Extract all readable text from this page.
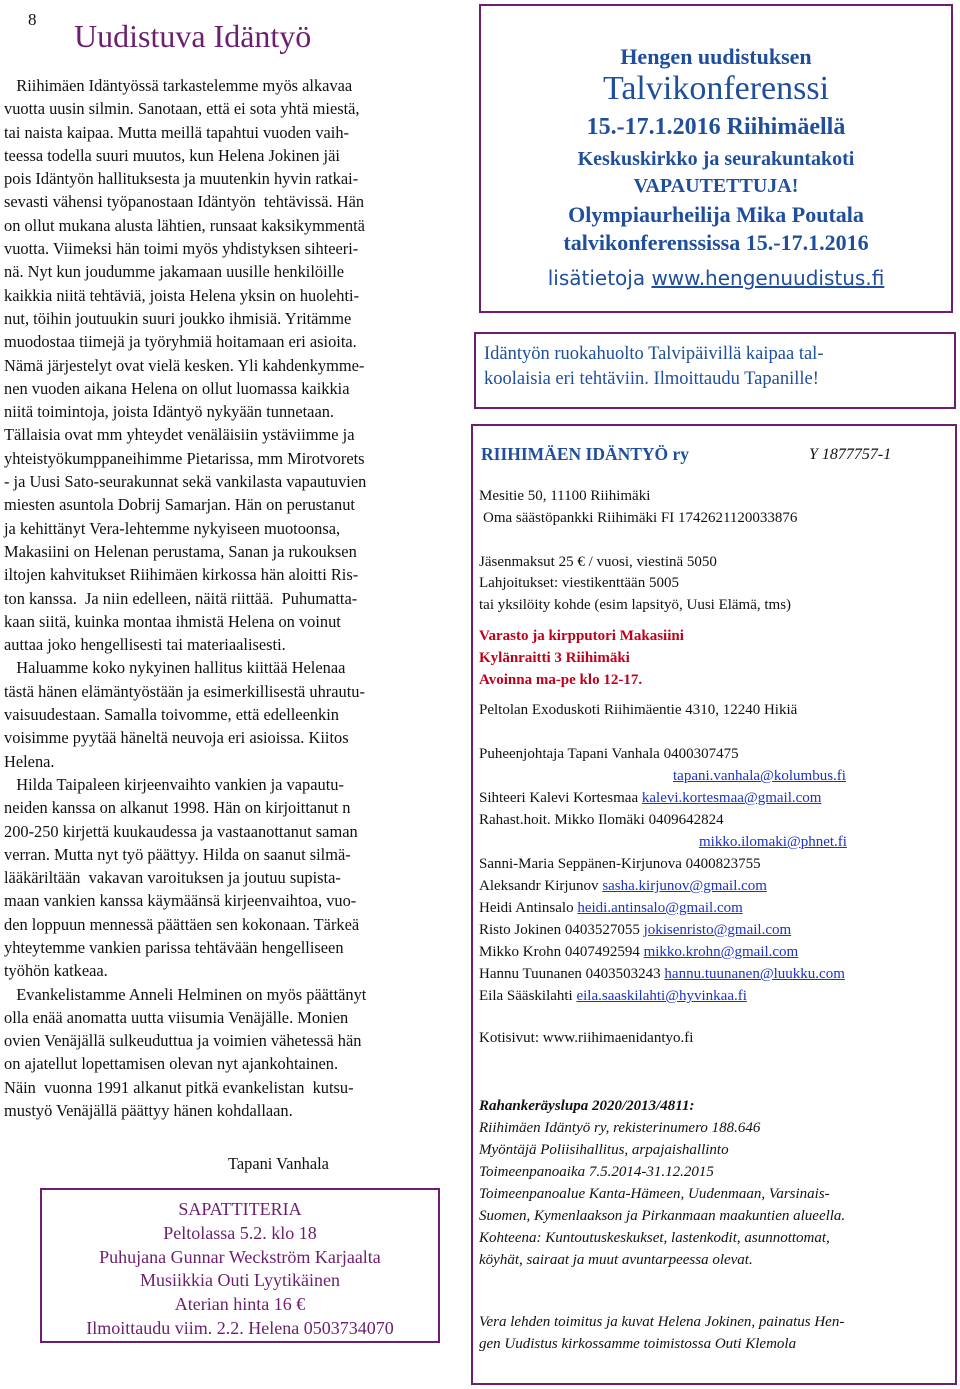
8 Uudistuva Idäntyö
Riihimäen Idäntyössä tarkastelemme myös alkavaa
vuotta uusin silmin. Sanotaan, että ei sota yhtä miestä,
tai naista kaipaa. Mutta meillä tapahtui vuoden vaih-
teessa todella suuri muutos, kun Helena Jokinen jäi
pois Idäntyön hallituksesta ja muutenkin hyvin ratkai-
sevasti vähensi työpanostaan Idäntyön  tehtävissä. Hän
on ollut mukana alusta lähtien, runsaat kaksikymmentä
vuotta. Viimeksi hän toimi myös yhdistyksen sihteeri-
nä. Nyt kun joudumme jakamaan uusille henkilöille
kaikkia niitä tehtäviä, joista Helena yksin on huolehti-
nut, töihin joutuukin suuri joukko ihmisiä. Yritämme
muodostaa tiimejä ja työryhmiä hoitamaan eri asioita.
Nämä järjestelyt ovat vielä kesken. Yli kahdenkymme-
nen vuoden aikana Helena on ollut luomassa kaikkia
niitä toimintoja, joista Idäntyö nykyään tunnetaan.
Tällaisia ovat mm yhteydet venäläisiin ystäviimme ja
yhteistyökumppaneihimme Pietarissa, mm Mirotvorets
- ja Uusi Sato-seurakunnat sekä vankilasta vapautuvien
miesten asuntola Dobrij Samarjan. Hän on perustanut
ja kehittänyt Vera-lehtemme nykyiseen muotoonsa,
Makasiini on Helenan perustama, Sanan ja rukouksen
iltojen kahvitukset Riihimäen kirkossa hän aloitti Ris-
ton kanssa.  Ja niin edelleen, näitä riittää.  Puhumatta-
kaan siitä, kuinka montaa ihmistä Helena on voinut
auttaa joko hengellisesti tai materiaalisesti.
Haluamme koko nykyinen hallitus kiittää Helenaa
tästä hänen elämäntyöstään ja esimerkillisestä uhrautu-
vaisuudestaan. Samalla toivomme, että edelleenkin
voisimme pyytää häneltä neuvoja eri asioissa. Kiitos
Helena.
Hilda Taipaleen kirjeenvaihto vankien ja vapautu-
neiden kanssa on alkanut 1998. Hän on kirjoittanut n
200-250 kirjettä kuukaudessa ja vastaanottanut saman
verran. Mutta nyt työ päättyy. Hilda on saanut silmä-
lääkäriltään  vakavan varoituksen ja joutuu supista-
maan vankien kanssa käymäänsä kirjeenvaihtoa, vuo-
den loppuun mennessä päättäen sen kokonaan. Tärkeä
yhteytemme vankien parissa tehtävään hengelliseen
työhön katkeaa.
Evankelistamme Anneli Helminen on myös päättänyt
olla enää anomatta uutta viisumia Venäjälle. Monien
ovien Venäjällä sulkeuduttua ja voimien vähetessä hän
on ajatellut lopettamisen olevan nyt ajankohtainen.
Näin  vuonna 1991 alkanut pitkä evankelistan  kutsu-
mustyö Venäjällä päättyy hänen kohdallaan.
Tapani Vanhala
SAPATTITERIA
Peltolassa 5.2. klo 18
Puhujana Gunnar Weckström Karjaalta
Musiikkia Outi Lyytikäinen
Aterian hinta 16 €
Ilmoittaudu viim. 2.2. Helena 0503734070
Hengen uudistuksen
Talvikonferenssi
15.-17.1.2016 Riihimäellä
Keskuskirkko ja seurakuntakoti
VAPAUTETTUJA!
Olympiaurheilija Mika Poutala
talvikonferenssissa 15.-17.1.2016
lisätietoja www.hengenuudistus.fi
Idäntyön ruokahuolto Talvipäivillä kaipaa tal-
koolaisia eri tehtäviin. Ilmoittaudu Tapanille!
RIIHIMÄEN IDÄNTYÖ ry	Y 1877757-1
Mesitie 50, 11100 Riihimäki
Oma säästöpankki Riihimäki FI 1742621120033876
Jäsenmaksut 25 € / vuosi, viestinä 5050
Lahjoitukset: viestikenttään 5005
tai yksilöity kohde (esim lapsityö, Uusi Elämä, tms)
Varasto ja kirpputori Makasiini
Kylänraitti 3 Riihimäki
Avoinna ma-pe klo 12-17.
Peltolan Exoduskoti Riihimäentie 4310, 12240 Hikiä
Puheenjohtaja Tapani Vanhala 0400307475
tapani.vanhala@kolumbus.fi
Sihteeri Kalevi Kortesmaa kalevi.kortesmaa@gmail.com
Rahast.hoit. Mikko Ilomäki 0409642824
mikko.ilomaki@phnet.fi
Sanni-Maria Seppänen-Kirjunova 0400823755
Aleksandr Kirjunov sasha.kirjunov@gmail.com
Heidi Antinsalo heidi.antinsalo@gmail.com
Risto Jokinen 0403527055 jokisenristo@gmail.com
Mikko Krohn 0407492594 mikko.krohn@gmail.com
Hannu Tuunanen 0403503243 hannu.tuunanen@luukku.com
Eila Sääskilahti eila.saaskilahti@hyvinkaa.fi
Kotisivut: www.riihimaenidantyo.fi
Rahankeräyslupa 2020/2013/4811:
Riihimäen Idäntyö ry, rekisterinumero 188.646
Myöntäjä Poliisihallitus, arpajaishallinto
Toimeenpanoaika 7.5.2014-31.12.2015
Toimeenpanoalue Kanta-Hämeen, Uudenmaan, Varsinais-
Suomen, Kymenlaakson ja Pirkanmaan maakuntien alueella.
Kohteena: Kuntoutuskeskukset, lastenkodit, asunnottomat,
köyhät, sairaat ja muut avuntarpeessa olevat.
Vera lehden toimitus ja kuvat Helena Jokinen, painatus Hen-
gen Uudistus kirkossamme toimistossa Outi Klemola
